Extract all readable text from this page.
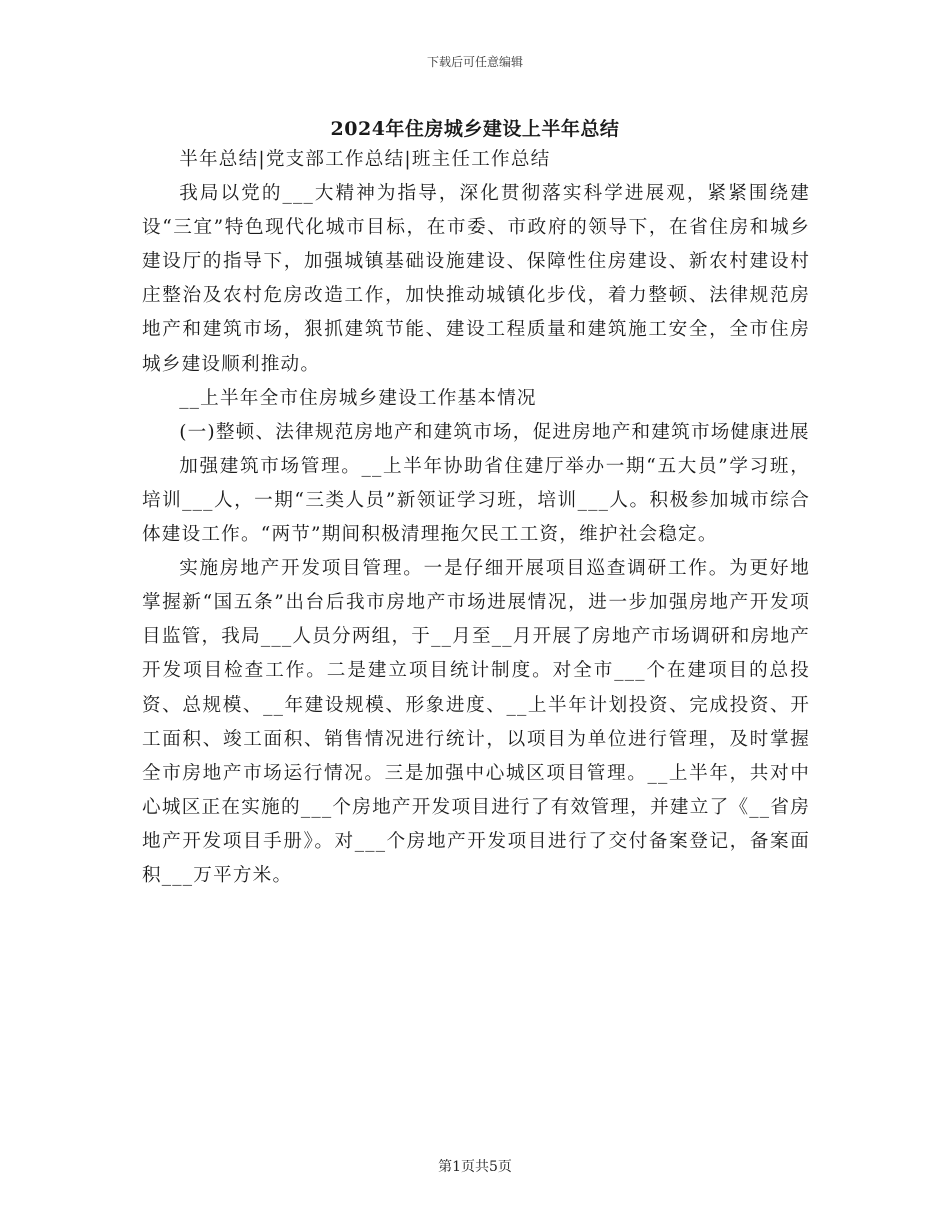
下载后可任意编辑
2024年住房城乡建设上半年总结

半年总结|党支部工作总结|班主任工作总结

我局以党的___大精神为指导，深化贯彻落实科学进展观，紧紧围绕建设“三宜”特色现代化城市目标，在市委、市政府的领导下，在省住房和城乡建设厅的指导下，加强城镇基础设施建设、保障性住房建设、新农村建设村庄整治及农村危房改造工作，加快推动城镇化步伐，着力整顿、法律规范房地产和建筑市场，狠抓建筑节能、建设工程质量和建筑施工安全，全市住房城乡建设顺利推动。

__上半年全市住房城乡建设工作基本情况

(一)整顿、法律规范房地产和建筑市场，促进房地产和建筑市场健康进展

加强建筑市场管理。__上半年协助省住建厅举办一期“五大员”学习班，培训___人，一期“三类人员”新领证学习班，培训___人。积极参加城市综合体建设工作。“两节”期间积极清理拖欠民工工资，维护社会稳定。

实施房地产开发项目管理。一是仔细开展项目巡查调研工作。为更好地掌握新“国五条”出台后我市房地产市场进展情况，进一步加强房地产开发项目监管，我局___人员分两组，于__月至__月开展了房地产市场调研和房地产开发项目检查工作。二是建立项目统计制度。对全市___个在建项目的总投资、总规模、__年建设规模、形象进度、__上半年计划投资、完成投资、开工面积、竣工面积、销售情况进行统计，以项目为单位进行管理，及时掌握全市房地产市场运行情况。三是加强中心城区项目管理。__上半年，共对中心城区正在实施的___个房地产开发项目进行了有效管理，并建立了《__省房地产开发项目手册》。对___个房地产开发项目进行了交付备案登记，备案面积___万平方米。

第1页共5页
